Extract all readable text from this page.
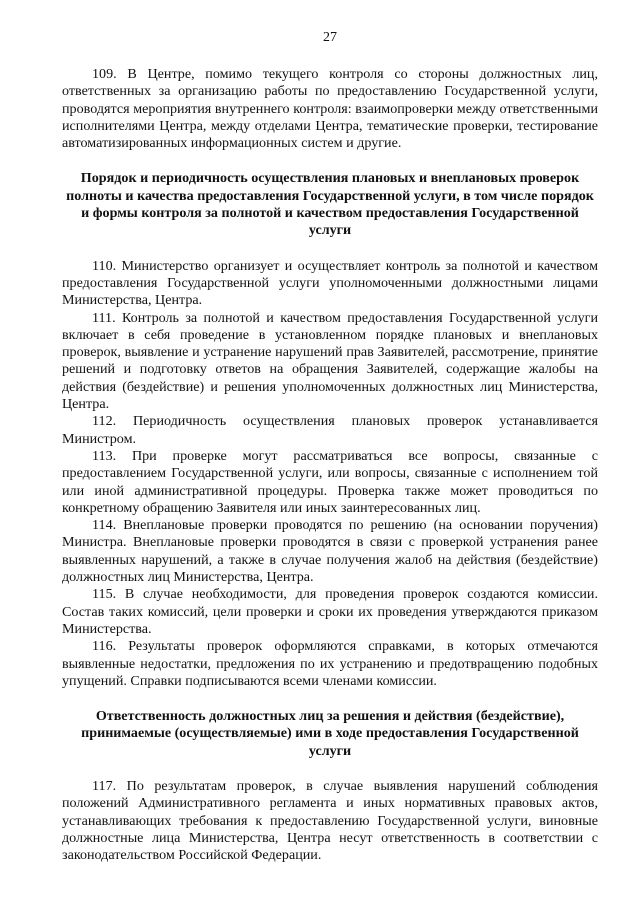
27

109. В Центре, помимо текущего контроля со стороны должностных лиц, ответственных за организацию работы по предоставлению Государственной услуги, проводятся мероприятия внутреннего контроля: взаимопроверки между ответственными исполнителями Центра, между отделами Центра, тематические проверки, тестирование автоматизированных информационных систем и другие.

Порядок и периодичность осуществления плановых и внеплановых проверок полноты и качества предоставления Государственной услуги, в том числе порядок и формы контроля за полнотой и качеством предоставления Государственной услуги

110. Министерство организует и осуществляет контроль за полнотой и качеством предоставления Государственной услуги уполномоченными должностными лицами Министерства, Центра.

111. Контроль за полнотой и качеством предоставления Государственной услуги включает в себя проведение в установленном порядке плановых и внеплановых проверок, выявление и устранение нарушений прав Заявителей, рассмотрение, принятие решений и подготовку ответов на обращения Заявителей, содержащие жалобы на действия (бездействие) и решения уполномоченных должностных лиц Министерства, Центра.

112. Периодичность осуществления плановых проверок устанавливается Министром.

113. При проверке могут рассматриваться все вопросы, связанные с предоставлением Государственной услуги, или вопросы, связанные с исполнением той или иной административной процедуры. Проверка также может проводиться по конкретному обращению Заявителя или иных заинтересованных лиц.

114. Внеплановые проверки проводятся по решению (на основании поручения) Министра. Внеплановые проверки проводятся в связи с проверкой устранения ранее выявленных нарушений, а также в случае получения жалоб на действия (бездействие) должностных лиц Министерства, Центра.

115. В случае необходимости, для проведения проверок создаются комиссии. Состав таких комиссий, цели проверки и сроки их проведения утверждаются приказом Министерства.

116. Результаты проверок оформляются справками, в которых отмечаются выявленные недостатки, предложения по их устранению и предотвращению подобных упущений. Справки подписываются всеми членами комиссии.

Ответственность должностных лиц за решения и действия (бездействие), принимаемые (осуществляемые) ими в ходе предоставления Государственной услуги

117. По результатам проверок, в случае выявления нарушений соблюдения положений Административного регламента и иных нормативных правовых актов, устанавливающих требования к предоставлению Государственной услуги, виновные должностные лица Министерства, Центра несут ответственность в соответствии с законодательством Российской Федерации.
